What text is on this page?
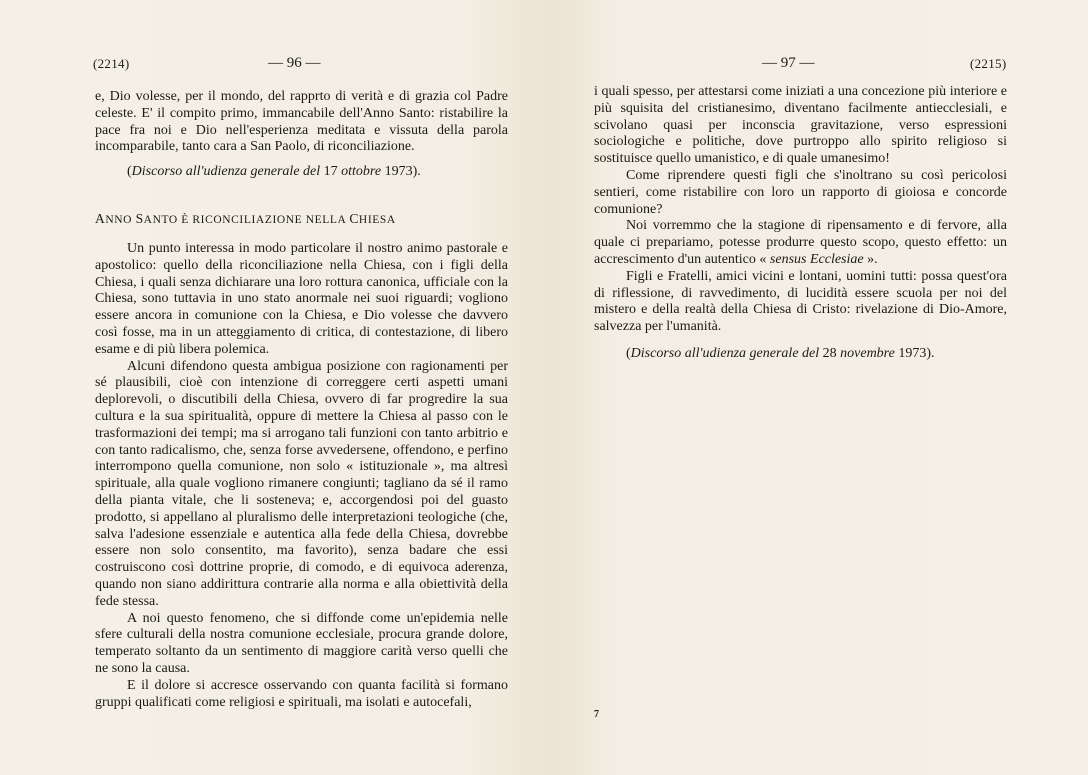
(2214)	— 96 —

e, Dio volesse, per il mondo, del rapprto di verità e di grazia col Padre celeste. E' il compito primo, immancabile dell'Anno Santo: ristabilire la pace fra noi e Dio nell'esperienza meditata e vissuta della parola incomparabile, tanto cara a San Paolo, di riconciliazione.

(Discorso all'udienza generale del 17 ottobre 1973).

ANNO SANTO È RICONCILIAZIONE NELLA CHIESA

Un punto interessa in modo particolare il nostro animo pastorale e apostolico: quello della riconciliazione nella Chiesa, con i figli della Chiesa, i quali senza dichiarare una loro rottura canonica, ufficiale con la Chiesa, sono tuttavia in uno stato anormale nei suoi riguardi; vogliono essere ancora in comunione con la Chiesa, e Dio volesse che davvero così fosse, ma in un atteggiamento di critica, di contestazione, di libero esame e di più libera polemica.

Alcuni difendono questa ambigua posizione con ragionamenti per sé plausibili, cioè con intenzione di correggere certi aspetti umani deplorevoli, o discutibili della Chiesa, ovvero di far progredire la sua cultura e la sua spiritualità, oppure di mettere la Chiesa al passo con le trasformazioni dei tempi; ma si arrogano tali funzioni con tanto arbitrio e con tanto radicalismo, che, senza forse avvedersene, offendono, e perfino interrompono quella comunione, non solo « istituzionale », ma altresì spirituale, alla quale vogliono rimanere congiunti; tagliano da sé il ramo della pianta vitale, che li sosteneva; e, accorgendosi poi del guasto prodotto, si appellano al pluralismo delle interpretazioni teologiche (che, salva l'adesione essenziale e autentica alla fede della Chiesa, dovrebbe essere non solo consentito, ma favorito), senza badare che essi costruiscono così dottrine proprie, di comodo, e di equivoca aderenza, quando non siano addirittura contrarie alla norma e alla obiettività della fede stessa.

A noi questo fenomeno, che si diffonde come un'epidemia nelle sfere culturali della nostra comunione ecclesiale, procura grande dolore, temperato soltanto da un sentimento di maggiore carità verso quelli che ne sono la causa.

E il dolore si accresce osservando con quanta facilità si formano gruppi qualificati come religiosi e spirituali, ma isolati e autocefali,

— 97 —	(2215)

i quali spesso, per attestarsi come iniziati a una concezione più interiore e più squisita del cristianesimo, diventano facilmente antiecclesiali, e scivolano quasi per inconscia gravitazione, verso espressioni sociologiche e politiche, dove purtroppo allo spirito religioso si sostituisce quello umanistico, e di quale umanesimo!

Come riprendere questi figli che s'inoltrano su così pericolosi sentieri, come ristabilire con loro un rapporto di gioiosa e concorde comunione?

Noi vorremmo che la stagione di ripensamento e di fervore, alla quale ci prepariamo, potesse produrre questo scopo, questo effetto: un accrescimento d'un autentico « sensus Ecclesiae ».

Figli e Fratelli, amici vicini e lontani, uomini tutti: possa quest'ora di riflessione, di ravvedimento, di lucidità essere scuola per noi del mistero e della realtà della Chiesa di Cristo: rivelazione di Dio-Amore, salvezza per l'umanità.

(Discorso all'udienza generale del 28 novembre 1973).

7
